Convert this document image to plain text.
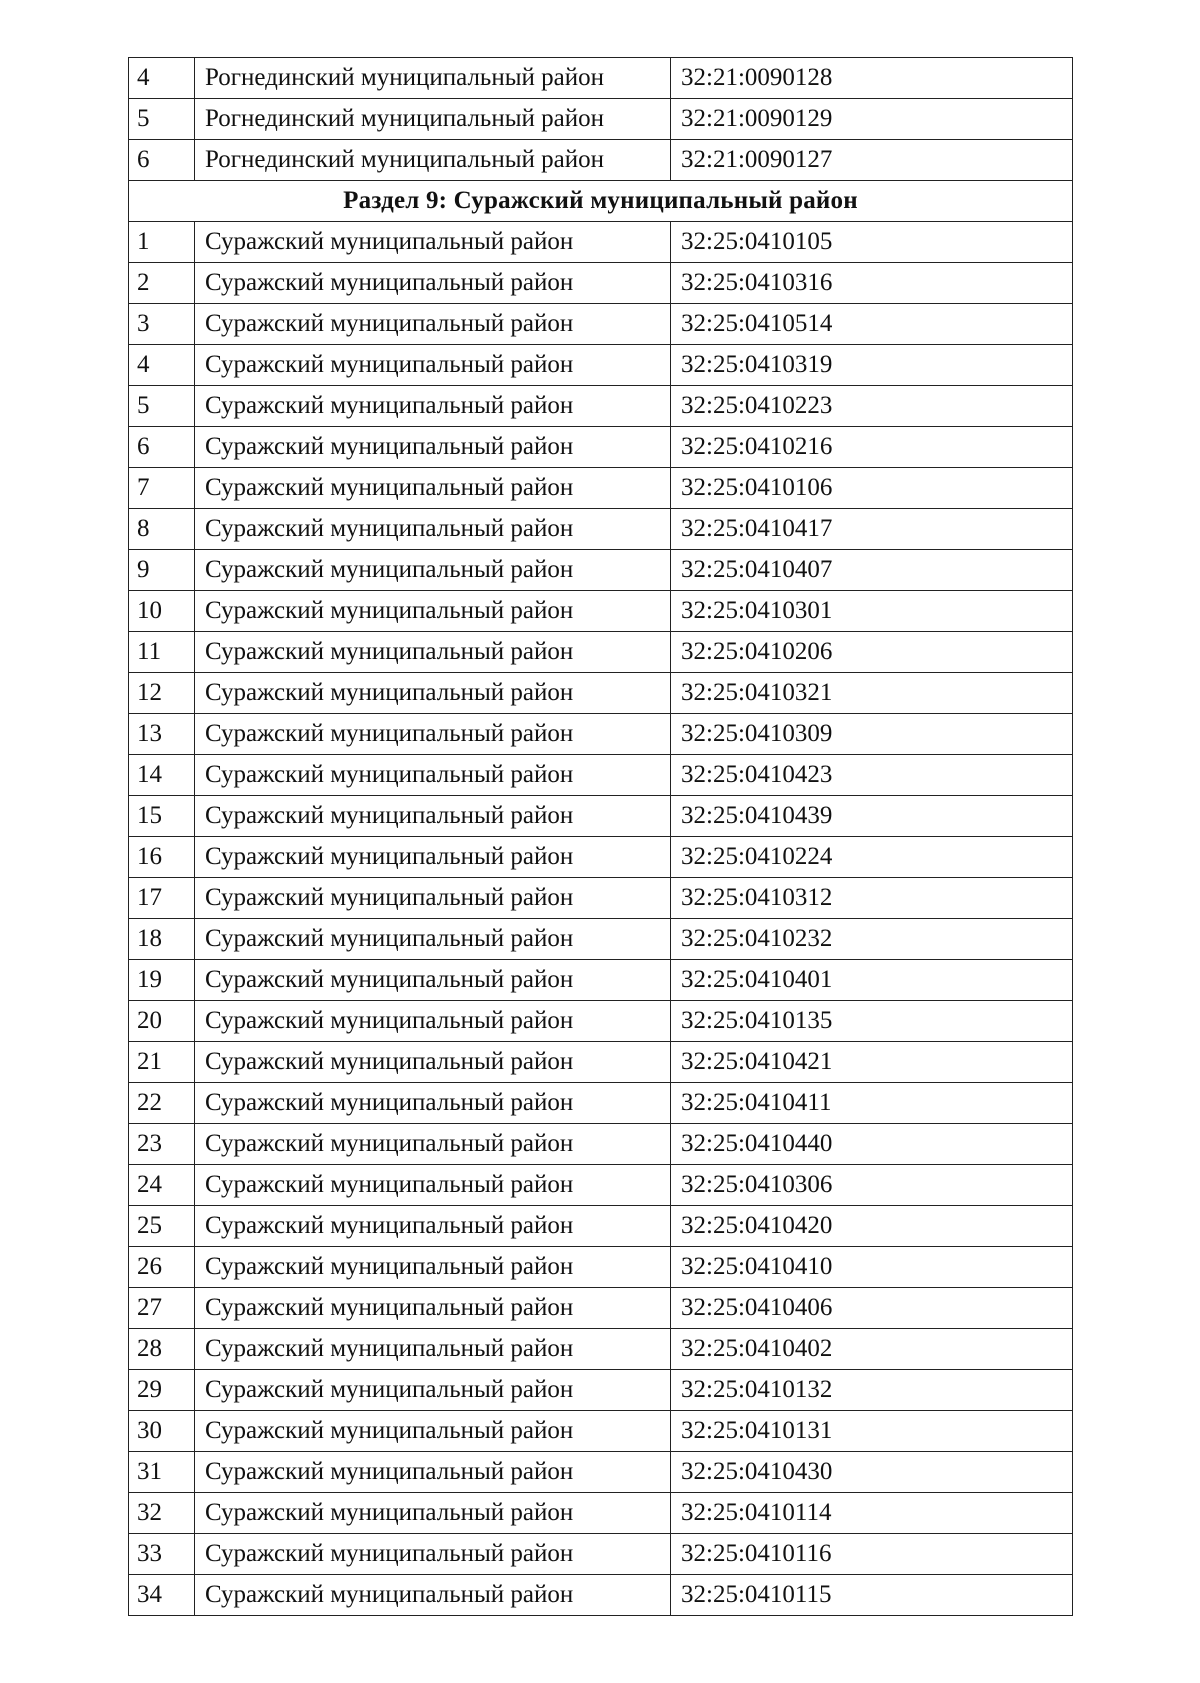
4	Рогнединский муниципальный район	32:21:0090128
5	Рогнединский муниципальный район	32:21:0090129
6	Рогнединский муниципальный район	32:21:0090127
Раздел 9: Суражский муниципальный район		
1	Суражский муниципальный район	32:25:0410105
2	Суражский муниципальный район	32:25:0410316
3	Суражский муниципальный район	32:25:0410514
4	Суражский муниципальный район	32:25:0410319
5	Суражский муниципальный район	32:25:0410223
6	Суражский муниципальный район	32:25:0410216
7	Суражский муниципальный район	32:25:0410106
8	Суражский муниципальный район	32:25:0410417
9	Суражский муниципальный район	32:25:0410407
10	Суражский муниципальный район	32:25:0410301
11	Суражский муниципальный район	32:25:0410206
12	Суражский муниципальный район	32:25:0410321
13	Суражский муниципальный район	32:25:0410309
14	Суражский муниципальный район	32:25:0410423
15	Суражский муниципальный район	32:25:0410439
16	Суражский муниципальный район	32:25:0410224
17	Суражский муниципальный район	32:25:0410312
18	Суражский муниципальный район	32:25:0410232
19	Суражский муниципальный район	32:25:0410401
20	Суражский муниципальный район	32:25:0410135
21	Суражский муниципальный район	32:25:0410421
22	Суражский муниципальный район	32:25:0410411
23	Суражский муниципальный район	32:25:0410440
24	Суражский муниципальный район	32:25:0410306
25	Суражский муниципальный район	32:25:0410420
26	Суражский муниципальный район	32:25:0410410
27	Суражский муниципальный район	32:25:0410406
28	Суражский муниципальный район	32:25:0410402
29	Суражский муниципальный район	32:25:0410132
30	Суражский муниципальный район	32:25:0410131
31	Суражский муниципальный район	32:25:0410430
32	Суражский муниципальный район	32:25:0410114
33	Суражский муниципальный район	32:25:0410116
34	Суражский муниципальный район	32:25:0410115
